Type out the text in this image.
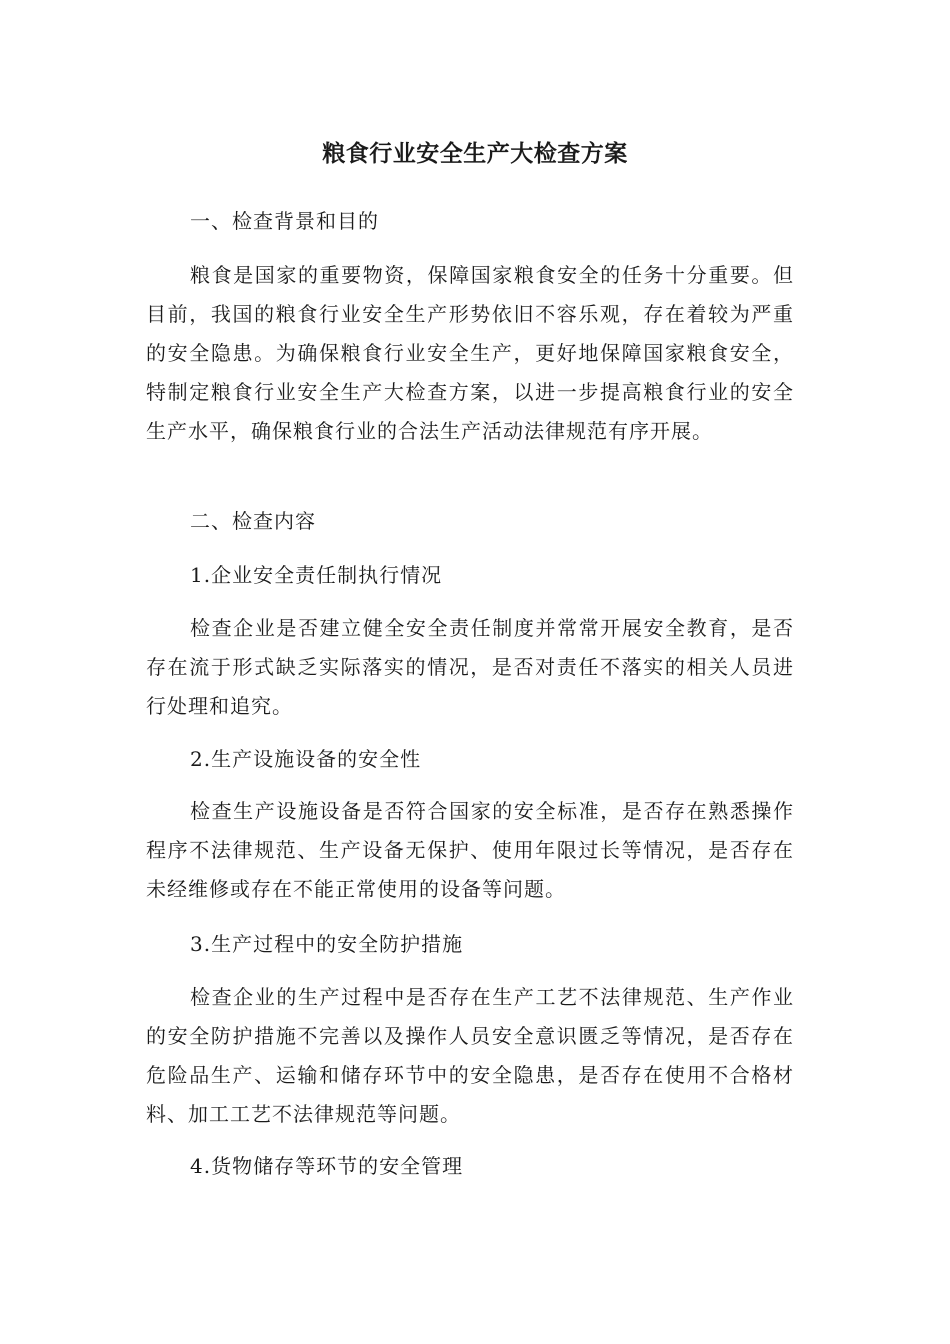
粮食行业安全生产大检查方案

一、检查背景和目的

粮食是国家的重要物资，保障国家粮食安全的任务十分重要。但目前，我国的粮食行业安全生产形势依旧不容乐观，存在着较为严重的安全隐患。为确保粮食行业安全生产，更好地保障国家粮食安全，特制定粮食行业安全生产大检查方案，以进一步提高粮食行业的安全生产水平，确保粮食行业的合法生产活动法律规范有序开展。

二、检查内容

1.企业安全责任制执行情况

检查企业是否建立健全安全责任制度并常常开展安全教育，是否存在流于形式缺乏实际落实的情况，是否对责任不落实的相关人员进行处理和追究。

2.生产设施设备的安全性

检查生产设施设备是否符合国家的安全标准，是否存在熟悉操作程序不法律规范、生产设备无保护、使用年限过长等情况，是否存在未经维修或存在不能正常使用的设备等问题。

3.生产过程中的安全防护措施

检查企业的生产过程中是否存在生产工艺不法律规范、生产作业的安全防护措施不完善以及操作人员安全意识匮乏等情况，是否存在危险品生产、运输和储存环节中的安全隐患，是否存在使用不合格材料、加工工艺不法律规范等问题。

4.货物储存等环节的安全管理
